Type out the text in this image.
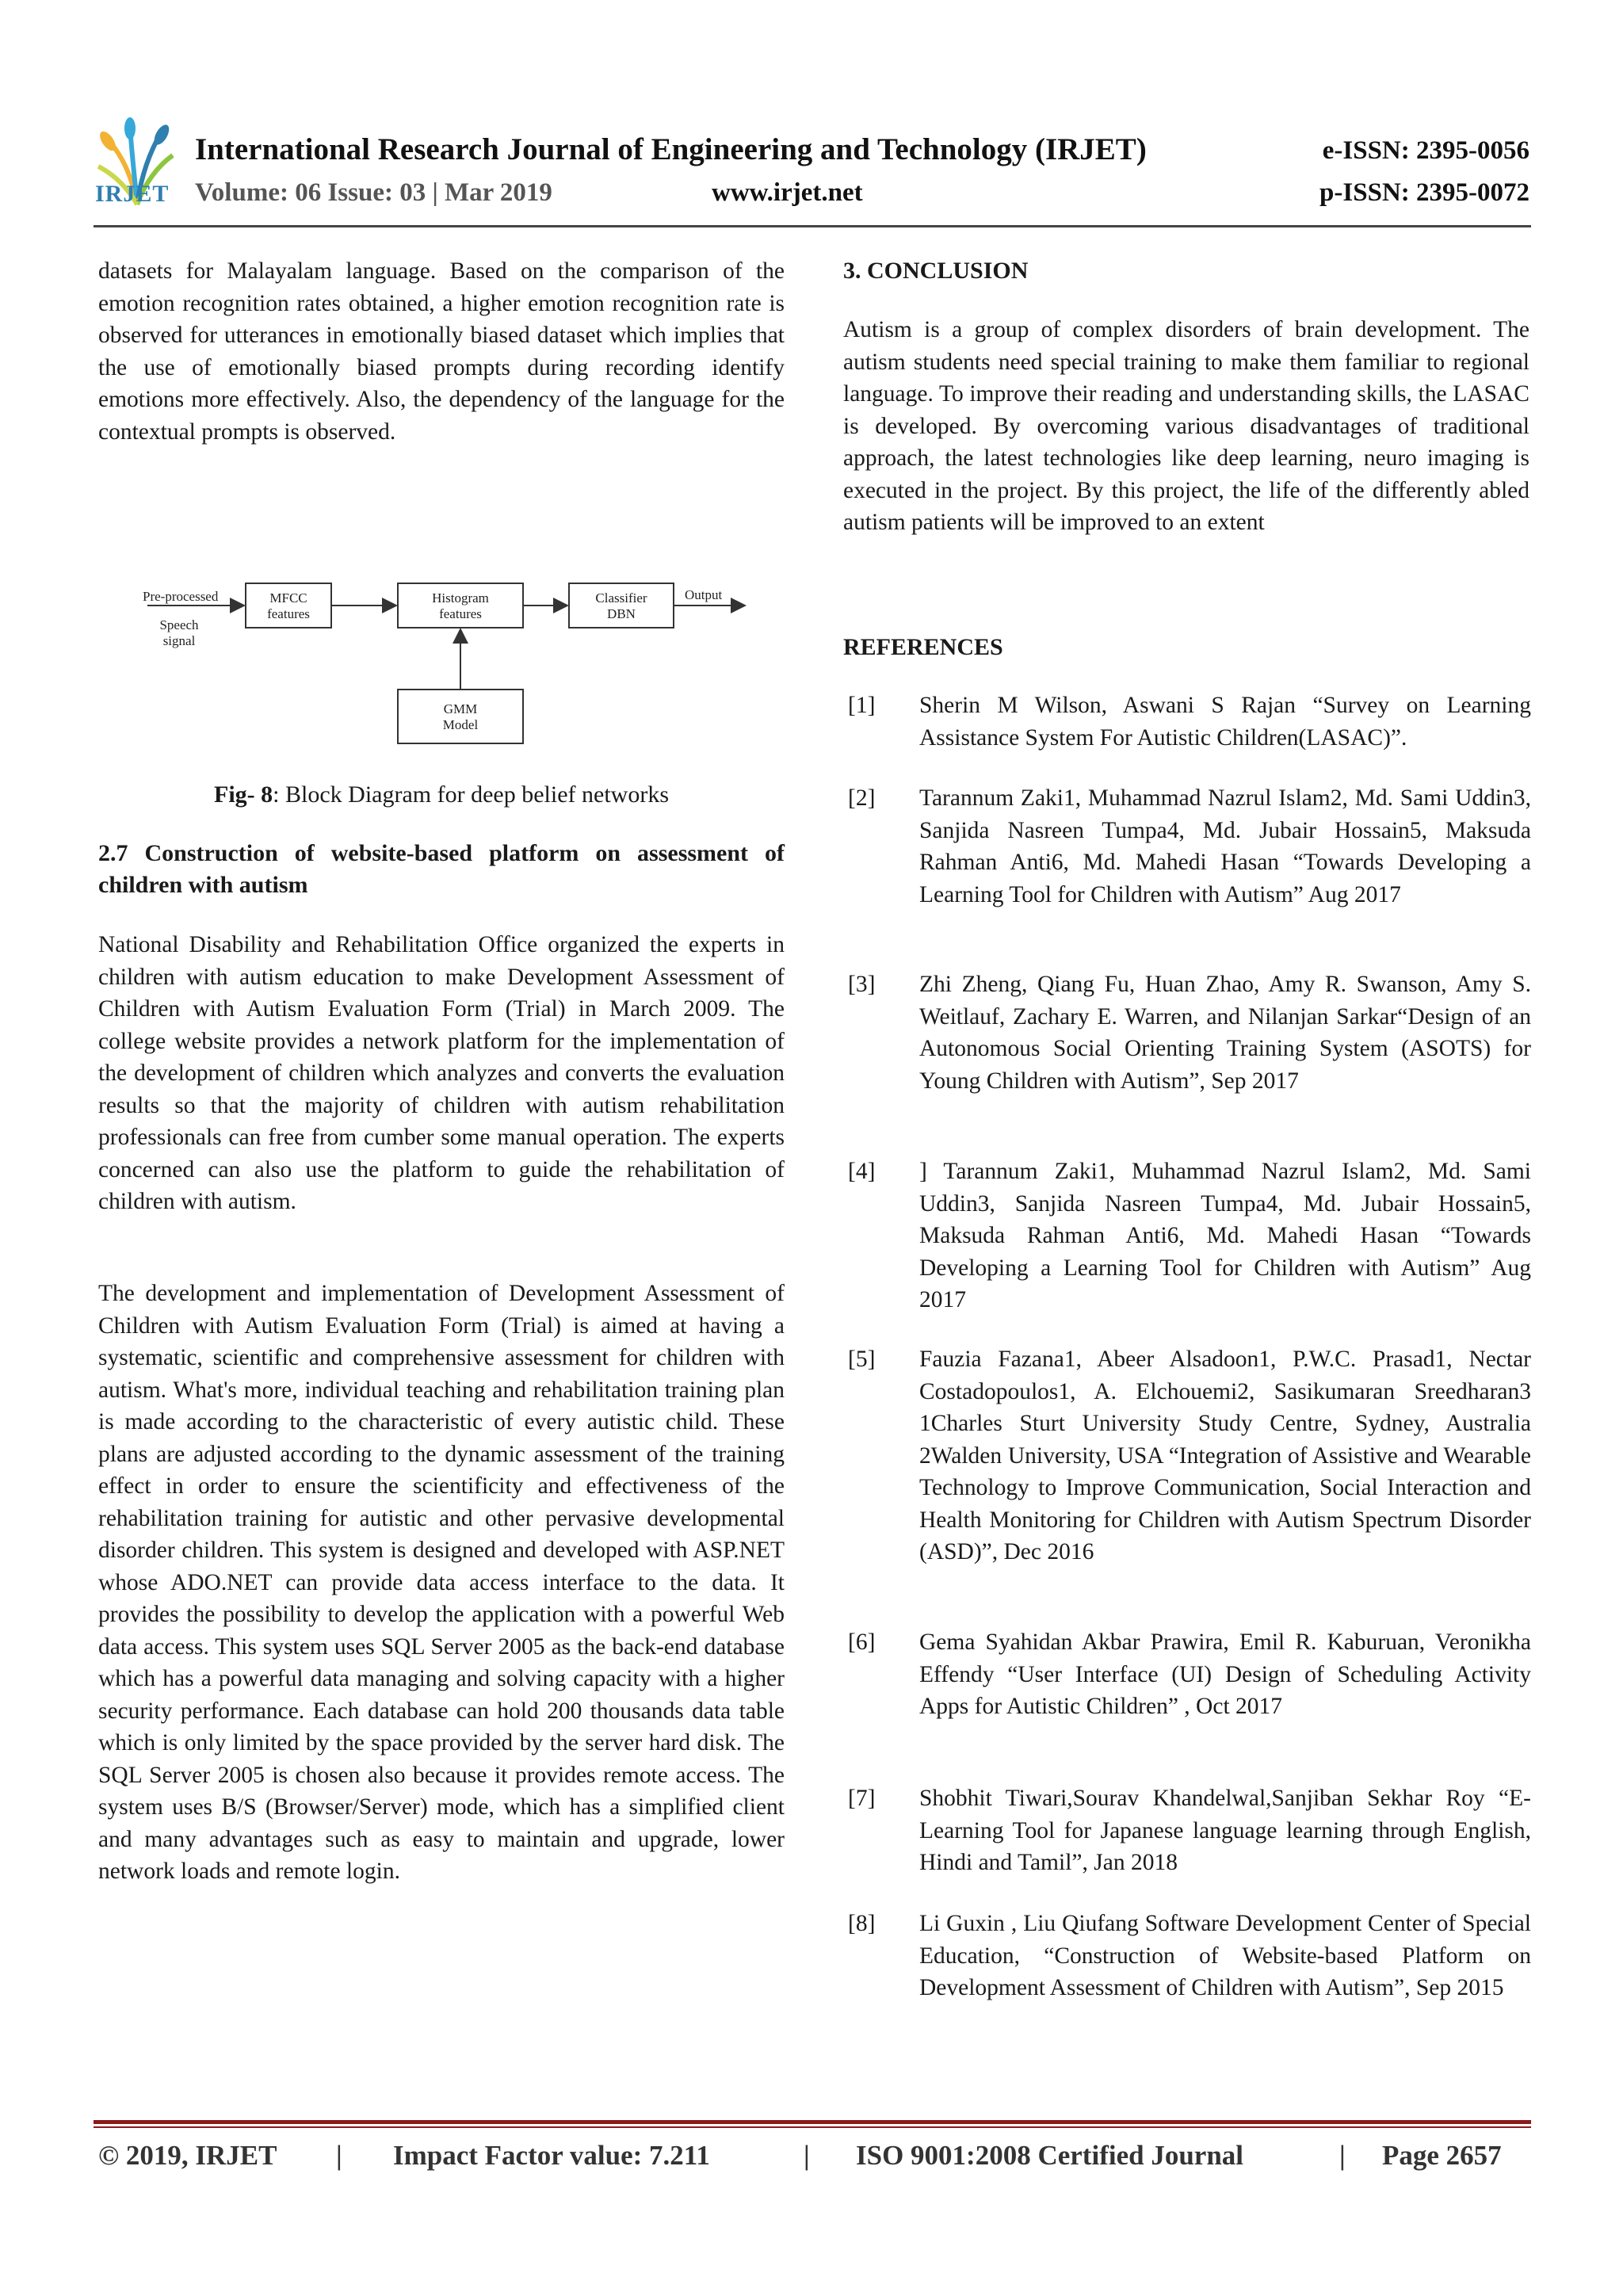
IRJET
International Research Journal of Engineering and Technology (IRJET)
Volume: 06 Issue: 03 | Mar 2019	www.irjet.net
e-ISSN: 2395-0056
p-ISSN: 2395-0072

datasets for Malayalam language. Based on the comparison of the emotion recognition rates obtained, a higher emotion recognition rate is observed for utterances in emotionally biased dataset which implies that the use of emotionally biased prompts during recording identify emotions more effectively. Also, the dependency of the language for the contextual prompts is observed.

Pre-processed
Speech
signal
MFCC
features
Histogram
features
Classifier
DBN
Output
GMM
Model
Fig- 8: Block Diagram for deep belief networks
2.7 Construction of website-based platform on assessment of children with autism

National Disability and Rehabilitation Office organized the experts in children with autism education to make Development Assessment of Children with Autism Evaluation Form (Trial) in March 2009. The college website provides a network platform for the implementation of the development of children which analyzes and converts the evaluation results so that the majority of children with autism rehabilitation professionals can free from cumber some manual operation. The experts concerned can also use the platform to guide the rehabilitation of children with autism.

The development and implementation of Development Assessment of Children with Autism Evaluation Form (Trial) is aimed at having a systematic, scientific and comprehensive assessment for children with autism. What's more, individual teaching and rehabilitation training plan is made according to the characteristic of every autistic child. These plans are adjusted according to the dynamic assessment of the training effect in order to ensure the scientificity and effectiveness of the rehabilitation training for autistic and other pervasive developmental disorder children. This system is designed and developed with ASP.NET whose ADO.NET can provide data access interface to the data. It provides the possibility to develop the application with a powerful Web data access. This system uses SQL Server 2005 as the back-end database which has a powerful data managing and solving capacity with a higher security performance. Each database can hold 200 thousands data table which is only limited by the space provided by the server hard disk. The SQL Server 2005 is chosen also because it provides remote access. The system uses B/S (Browser/Server) mode, which has a simplified client and many advantages such as easy to maintain and upgrade, lower network loads and remote login.

3. CONCLUSION

Autism is a group of complex disorders of brain development. The autism students need special training to make them familiar to regional language. To improve their reading and understanding skills, the LASAC is developed. By overcoming various disadvantages of traditional approach, the latest technologies like deep learning, neuro imaging is executed in the project. By this project, the life of the differently abled autism patients will be improved to an extent

REFERENCES
[1] Sherin M Wilson, Aswani S Rajan “Survey on Learning Assistance System For Autistic Children(LASAC)”.
[2] Tarannum Zaki1, Muhammad Nazrul Islam2, Md. Sami Uddin3, Sanjida Nasreen Tumpa4, Md. Jubair Hossain5, Maksuda Rahman Anti6, Md. Mahedi Hasan “Towards Developing a Learning Tool for Children with Autism” Aug 2017
[3] Zhi Zheng, Qiang Fu, Huan Zhao, Amy R. Swanson, Amy S. Weitlauf, Zachary E. Warren, and Nilanjan Sarkar“Design of an Autonomous Social Orienting Training System (ASOTS) for Young Children with Autism”, Sep 2017
[4] ] Tarannum Zaki1, Muhammad Nazrul Islam2, Md. Sami Uddin3, Sanjida Nasreen Tumpa4, Md. Jubair Hossain5, Maksuda Rahman Anti6, Md. Mahedi Hasan “Towards Developing a Learning Tool for Children with Autism” Aug 2017
[5] Fauzia Fazana1, Abeer Alsadoon1, P.W.C. Prasad1, Nectar Costadopoulos1, A. Elchouemi2, Sasikumaran Sreedharan3 1Charles Sturt University Study Centre, Sydney, Australia 2Walden University, USA “Integration of Assistive and Wearable Technology to Improve Communication, Social Interaction and Health Monitoring for Children with Autism Spectrum Disorder (ASD)”, Dec 2016
[6] Gema Syahidan Akbar Prawira, Emil R. Kaburuan, Veronikha Effendy “User Interface (UI) Design of Scheduling Activity Apps for Autistic Children” , Oct 2017
[7] Shobhit Tiwari,Sourav Khandelwal,Sanjiban Sekhar Roy “E-Learning Tool for Japanese language learning through English, Hindi and Tamil”, Jan 2018
[8] Li Guxin , Liu Qiufang Software Development Center of Special Education, “Construction of Website-based Platform on Development Assessment of Children with Autism”, Sep 2015
© 2019, IRJET | Impact Factor value: 7.211	| ISO 9001:2008 Certified Journal	| Page 2657
